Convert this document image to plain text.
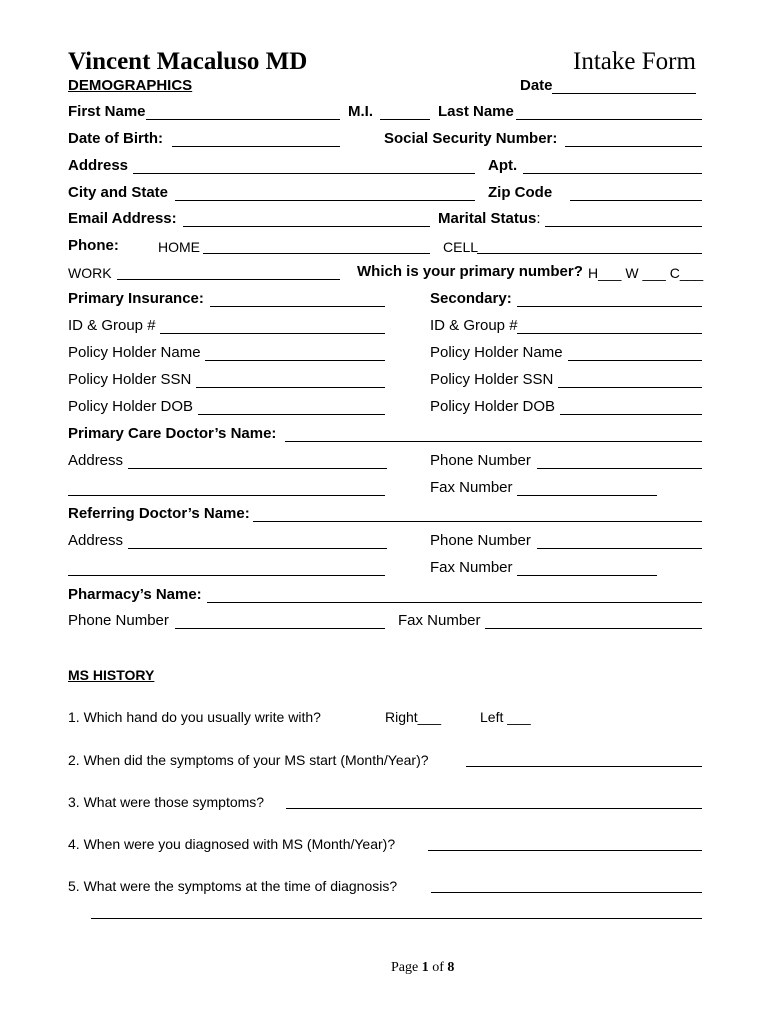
Vincent Macaluso MD	Intake Form
DEMOGRAPHICS	Date
First Name	M.I.	Last Name
Date of Birth:	Social Security Number:
Address	Apt.
City and State	Zip Code
Email Address:	Marital Status:
Phone:	HOME	CELL
WORK	Which is your primary number? H___ W ___ C___
Primary Insurance:	Secondary:
ID & Group #	ID & Group #
Policy Holder Name	Policy Holder Name
Policy Holder SSN	Policy Holder SSN
Policy Holder DOB	Policy Holder DOB
Primary Care Doctor’s Name:
Address	Phone Number
Fax Number
Referring Doctor’s Name:
Address	Phone Number
Fax Number
Pharmacy’s Name:
Phone Number	Fax Number
MS HISTORY
1. Which hand do you usually write with?	Right___	Left ___
2. When did the symptoms of your MS start (Month/Year)?
3. What were those symptoms?
4. When were you diagnosed with MS (Month/Year)?
5. What were the symptoms at the time of diagnosis?
Page 1 of 8
